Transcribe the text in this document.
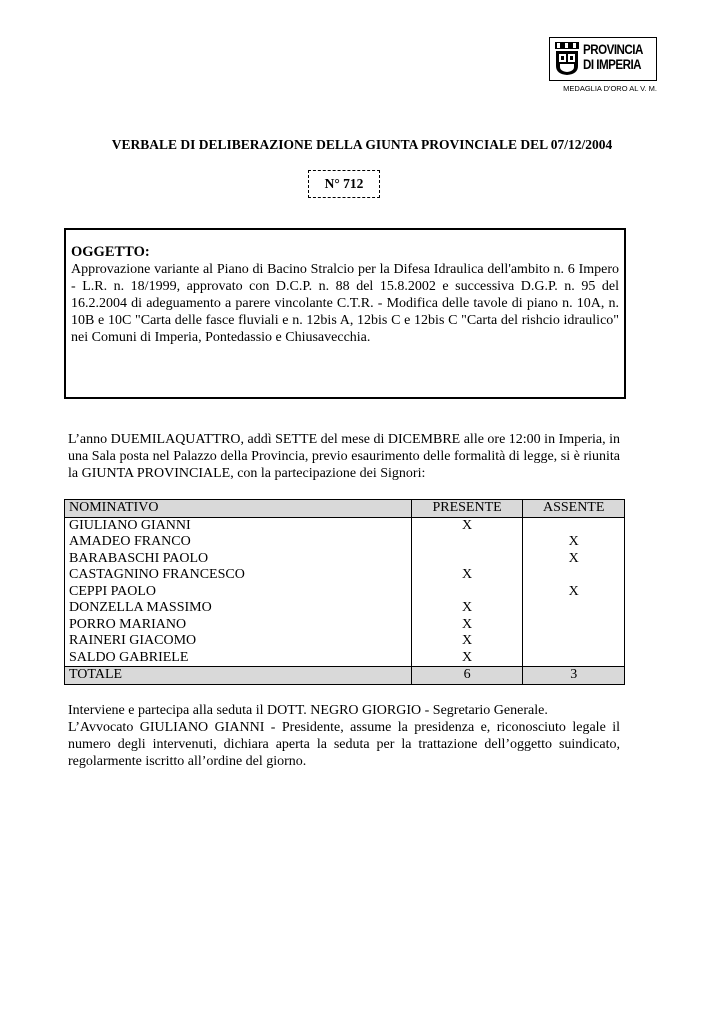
PROVINCIA
DI IMPERIA
MEDAGLIA D'ORO AL V. M.
VERBALE DI DELIBERAZIONE DELLA GIUNTA PROVINCIALE DEL 07/12/2004
N° 712
OGGETTO:
Approvazione variante al Piano di Bacino Stralcio per la Difesa Idraulica dell'ambito n. 6 Impero - L.R. n. 18/1999, approvato con D.C.P. n. 88 del 15.8.2002 e successiva D.G.P. n. 95 del 16.2.2004 di adeguamento a parere vincolante C.T.R. - Modifica delle tavole di piano n. 10A, n. 10B e 10C "Carta delle fasce fluviali e n. 12bis A, 12bis C e 12bis C "Carta del rishcio idraulico" nei Comuni di Imperia, Pontedassio e Chiusavecchia.
L’anno DUEMILAQUATTRO, addì SETTE del mese di DICEMBRE alle ore 12:00 in Imperia, in una Sala posta nel Palazzo della Provincia, previo esaurimento delle formalità di legge, si è riunita la GIUNTA PROVINCIALE, con la partecipazione dei Signori:
NOMINATIVO	PRESENTE	ASSENTE
GIULIANO GIANNI	X	
AMADEO FRANCO		X
BARABASCHI PAOLO		X
CASTAGNINO FRANCESCO	X	
CEPPI PAOLO		X
DONZELLA MASSIMO	X	
PORRO MARIANO	X	
RAINERI GIACOMO	X	
SALDO GABRIELE	X	
TOTALE	6	3

Interviene e partecipa alla seduta il DOTT. NEGRO GIORGIO - Segretario Generale.

L’Avvocato GIULIANO GIANNI - Presidente, assume la presidenza e, riconosciuto legale il numero degli intervenuti, dichiara aperta la seduta per la trattazione dell’oggetto suindicato, regolarmente iscritto all’ordine del giorno.
